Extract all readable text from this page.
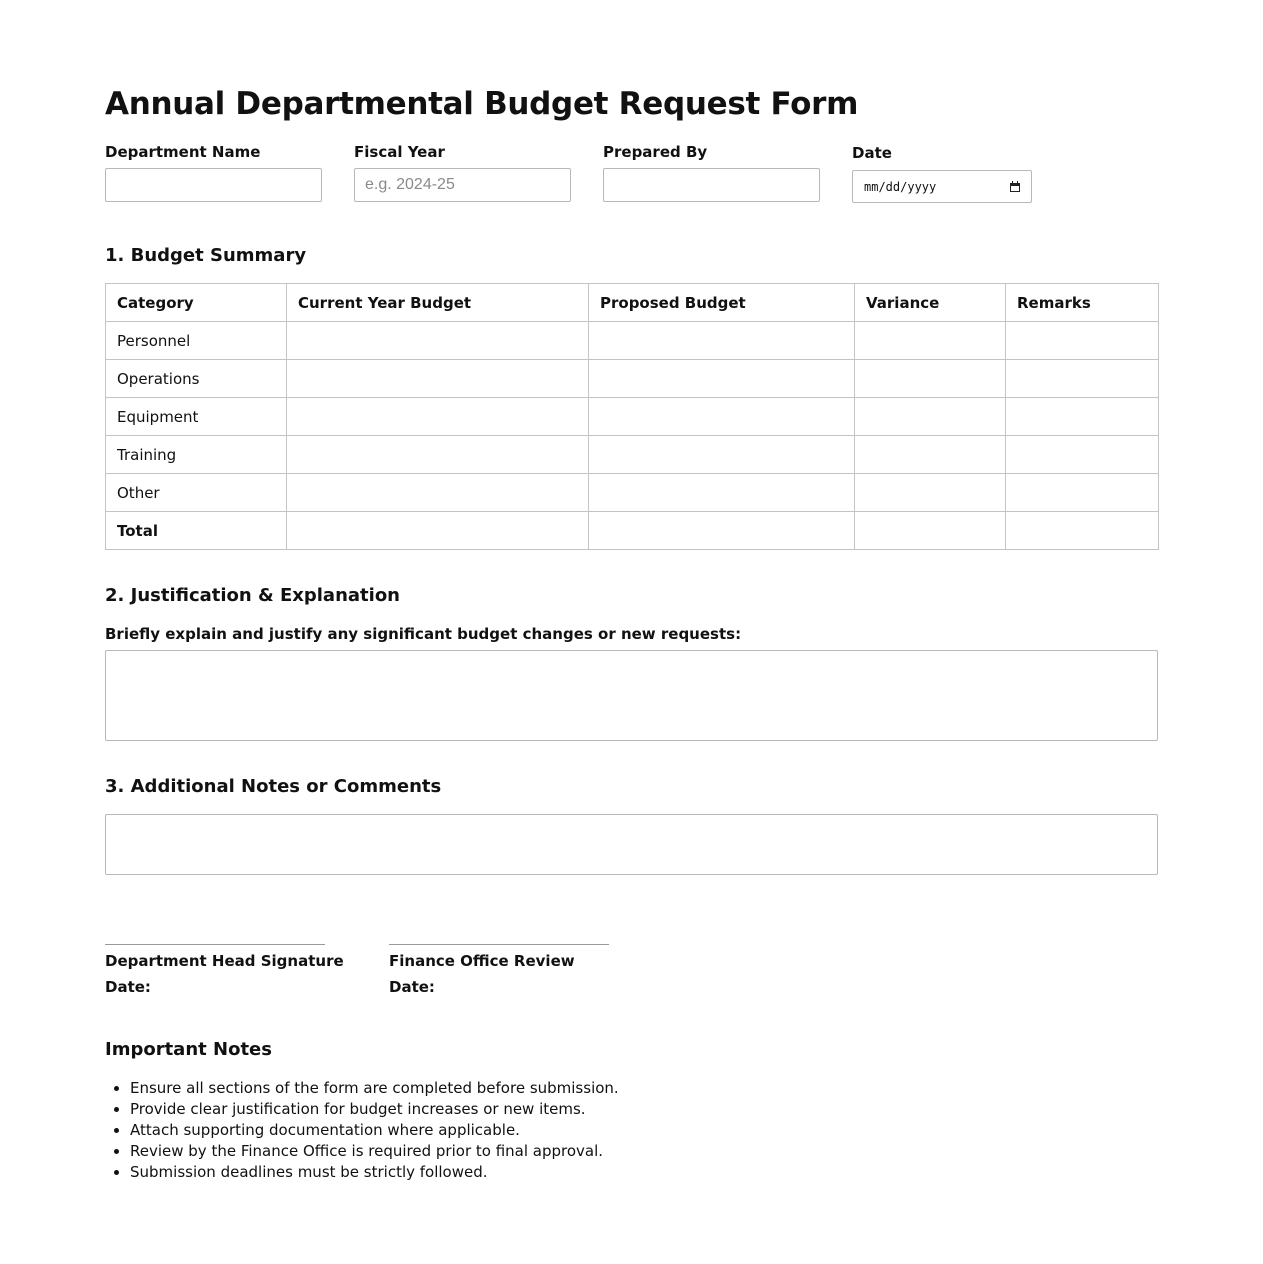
Annual Departmental Budget Request Form
Department Name	Fiscal Year
e.g. 2024-25	Prepared By	Date
mm/dd/yyyy
1. Budget Summary
Category	Current Year Budget	Proposed Budget	Variance	Remarks
Personnel				
Operations				
Equipment				
Training				
Other				
Total				
2. Justification & Explanation
Briefly explain and justify any significant budget changes or new requests:
3. Additional Notes or Comments
Department Head Signature
Date:
Finance Office Review
Date:
Important Notes
• Ensure all sections of the form are completed before submission.
• Provide clear justification for budget increases or new items.
• Attach supporting documentation where applicable.
• Review by the Finance Office is required prior to final approval.
• Submission deadlines must be strictly followed.
